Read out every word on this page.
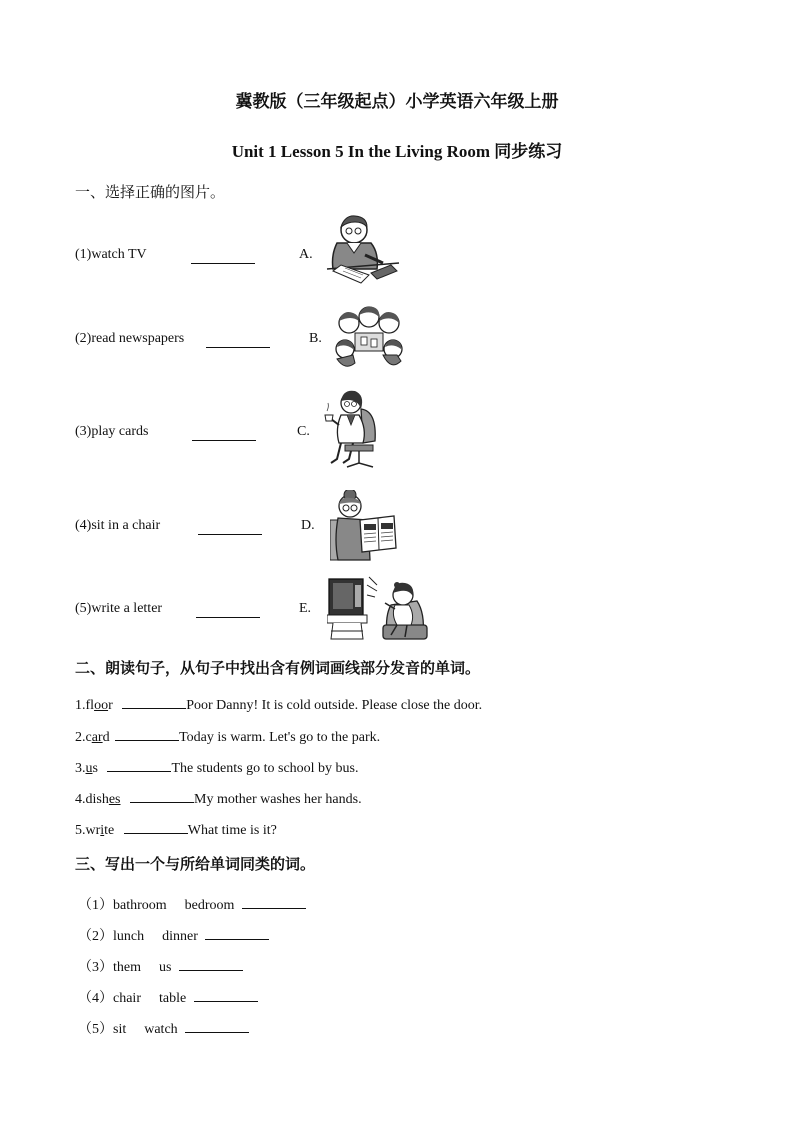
冀教版（三年级起点）小学英语六年级上册
Unit 1 Lesson 5 In the Living Room 同步练习
一、选择正确的图片。
(1)watch TV	A.
(2)read newspapers	B.
(3)play cards	C.
(4)sit in a chair	D.
(5)write a letter	E.
二、朗读句子，从句子中找出含有例词画线部分发音的单词。
1.floor	Poor Danny! It is cold outside. Please close the door.
2.card	Today is warm. Let's go to the park.
3.us	The students go to school by bus.
4.dishes	My mother washes her hands.
5.write	What time is it?
三、写出一个与所给单词同类的词。
（1）bathroom bedroom
（2）lunch dinner
（3）them us
（4）chair table
（5）sit watch
